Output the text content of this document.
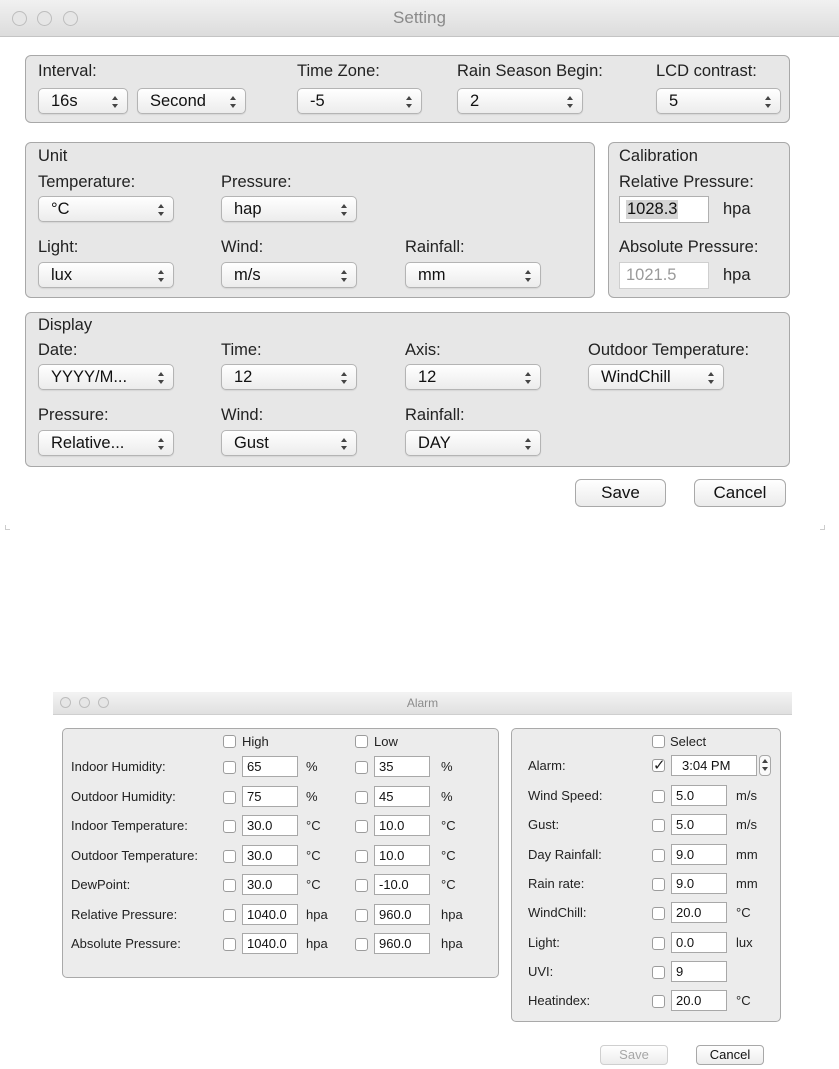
Setting
Interval:
16s	Second
Time Zone:
-5
Rain Season Begin:
2
LCD contrast:
5
Unit
Temperature:
°C
Pressure:
hap
Light:
lux
Wind:
m/s
Rainfall:
mm
Calibration
Relative Pressure:
1028.3	hpa
Absolute Pressure:
1021.5	hpa
Display
Date:
YYYY/M...
Time:
12
Axis:
12
Outdoor Temperature:
WindChill
Pressure:
Relative...
Wind:
Gust
Rainfall:
DAY
Save	Cancel
Alarm
High	Low
Indoor Humidity:	65	%	35	%
Outdoor Humidity:	75	%	45	%
Indoor Temperature:	30.0	°C	10.0	°C
Outdoor Temperature:	30.0	°C	10.0	°C
DewPoint:	30.0	°C	-10.0 °C
Relative Pressure:	1040.0 hpa	960.0 hpa
Absolute Pressure:	1040.0 hpa	960.0 hpa
Select
Alarm:
✓	3:04 PM
Wind Speed:	5.0	m/s
Gust:	5.0	m/s
Day Rainfall:	9.0	mm
Rain rate:	9.0	mm
WindChill:	20.0	°C
Light:	0.0	lux
UVI:	9
Heatindex:	20.0	°C
Save	Cancel
